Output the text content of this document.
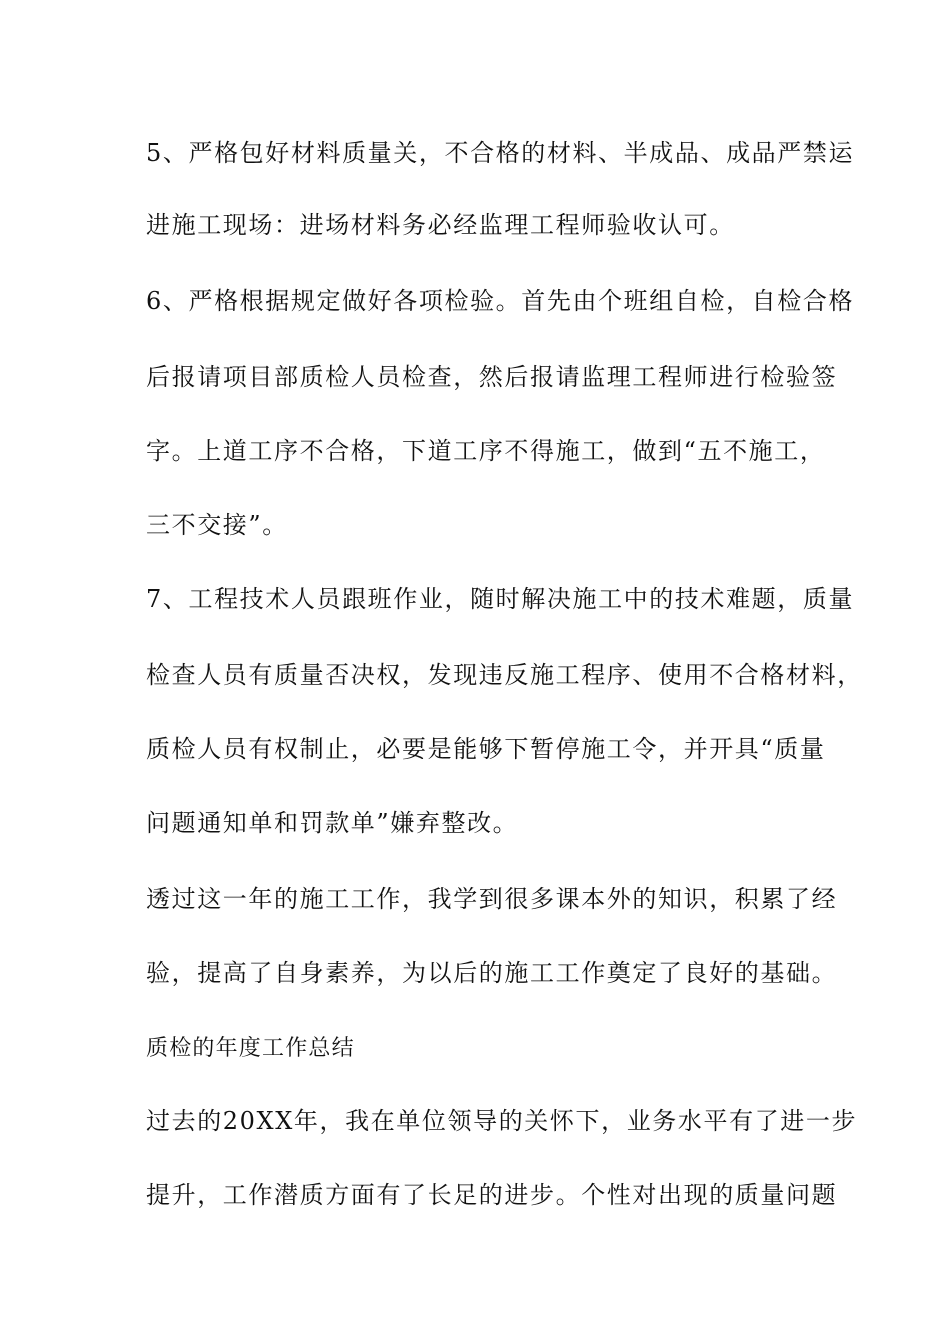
5、严格包好材料质量关，不合格的材料、半成品、成品严禁运
进施工现场：进场材料务必经监理工程师验收认可。
6、严格根据规定做好各项检验。首先由个班组自检，自检合格
后报请项目部质检人员检查，然后报请监理工程师进行检验签
字。上道工序不合格，下道工序不得施工，做到“五不施工，
三不交接”。
7、工程技术人员跟班作业，随时解决施工中的技术难题，质量
检查人员有质量否决权，发现违反施工程序、使用不合格材料，
质检人员有权制止，必要是能够下暂停施工令，并开具“质量
问题通知单和罚款单”嫌弃整改。
透过这一年的施工工作，我学到很多课本外的知识，积累了经
验，提高了自身素养，为以后的施工工作奠定了良好的基础。
质检的年度工作总结
过去的20XX年，我在单位领导的关怀下，业务水平有了进一步
提升，工作潜质方面有了长足的进步。个性对出现的质量问题
